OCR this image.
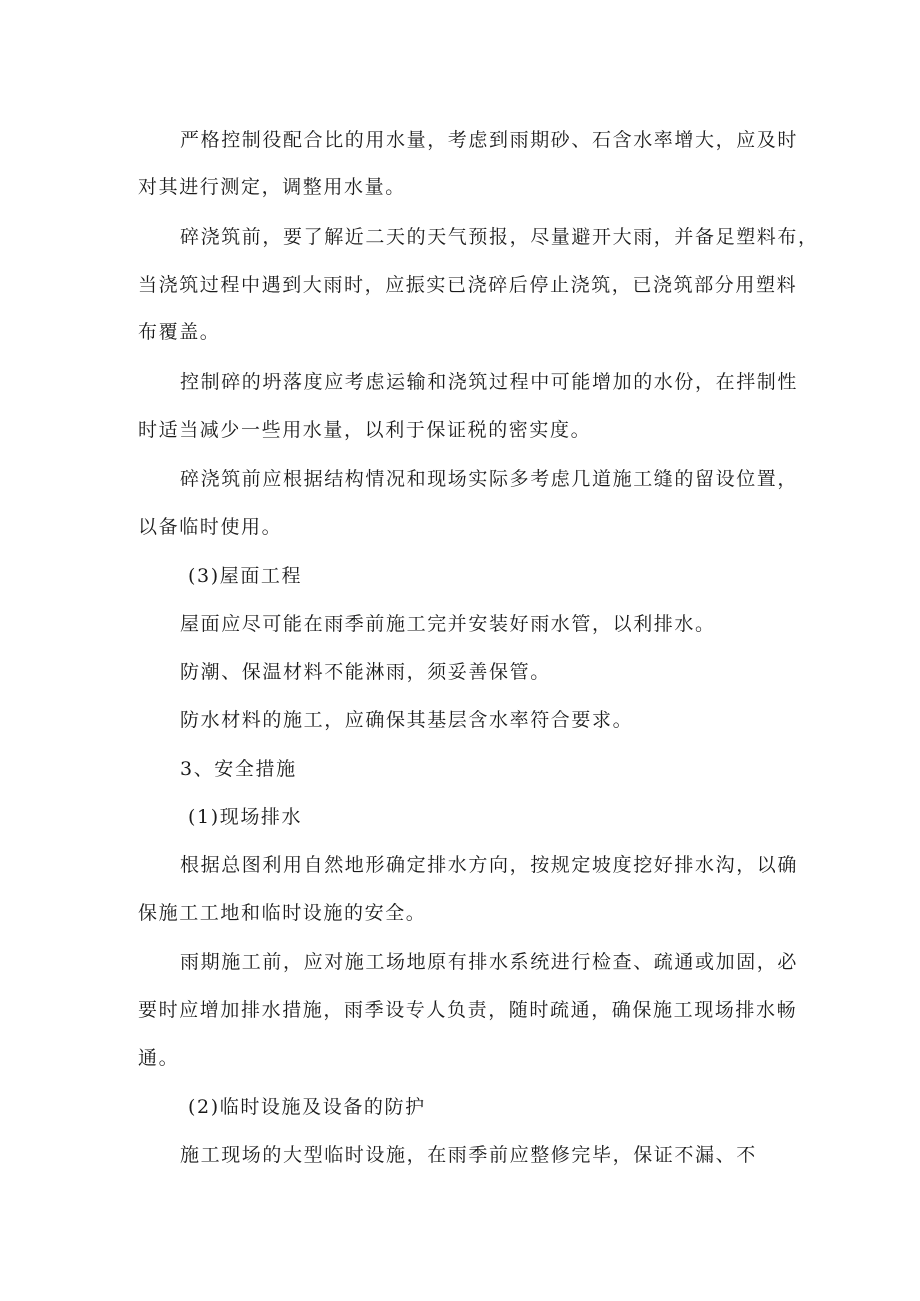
严格控制役配合比的用水量，考虑到雨期砂、石含水率增大，应及时
对其进行测定，调整用水量。
碎浇筑前，要了解近二天的天气预报，尽量避开大雨，并备足塑料布，
当浇筑过程中遇到大雨时，应振实已浇碎后停止浇筑，已浇筑部分用塑料
布覆盖。
控制碎的坍落度应考虑运输和浇筑过程中可能增加的水份，在拌制性
时适当减少一些用水量，以利于保证税的密实度。
碎浇筑前应根据结构情况和现场实际多考虑几道施工缝的留设位置，
以备临时使用。
(3)屋面工程
屋面应尽可能在雨季前施工完并安装好雨水管，以利排水。
防潮、保温材料不能淋雨，须妥善保管。
防水材料的施工，应确保其基层含水率符合要求。
3、安全措施
(1)现场排水
根据总图利用自然地形确定排水方向，按规定坡度挖好排水沟，以确
保施工工地和临时设施的安全。
雨期施工前，应对施工场地原有排水系统进行检查、疏通或加固，必
要时应增加排水措施，雨季设专人负责，随时疏通，确保施工现场排水畅
通。
(2)临时设施及设备的防护
施工现场的大型临时设施，在雨季前应整修完毕，保证不漏、不
